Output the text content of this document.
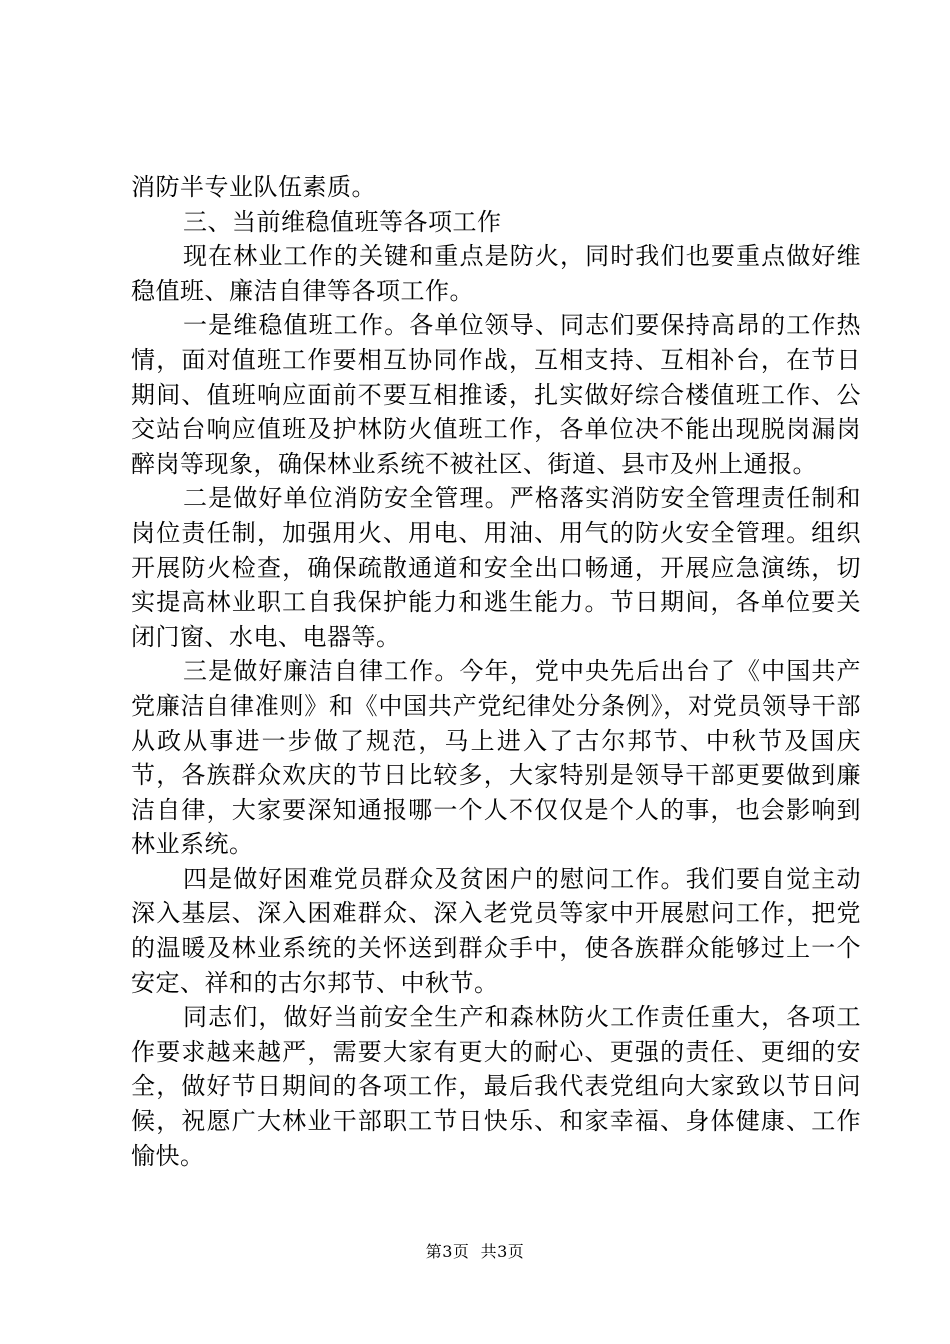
消防半专业队伍素质。

三、当前维稳值班等各项工作

现在林业工作的关键和重点是防火，同时我们也要重点做好维稳值班、廉洁自律等各项工作。

一是维稳值班工作。各单位领导、同志们要保持高昂的工作热情，面对值班工作要相互协同作战，互相支持、互相补台，在节日期间、值班响应面前不要互相推诿，扎实做好综合楼值班工作、公交站台响应值班及护林防火值班工作，各单位决不能出现脱岗漏岗醉岗等现象，确保林业系统不被社区、街道、县市及州上通报。

二是做好单位消防安全管理。严格落实消防安全管理责任制和岗位责任制，加强用火、用电、用油、用气的防火安全管理。组织开展防火检查，确保疏散通道和安全出口畅通，开展应急演练，切实提高林业职工自我保护能力和逃生能力。节日期间，各单位要关闭门窗、水电、电器等。

三是做好廉洁自律工作。今年，党中央先后出台了《中国共产党廉洁自律准则》和《中国共产党纪律处分条例》，对党员领导干部从政从事进一步做了规范，马上进入了古尔邦节、中秋节及国庆节，各族群众欢庆的节日比较多，大家特别是领导干部更要做到廉洁自律，大家要深知通报哪一个人不仅仅是个人的事，也会影响到林业系统。

四是做好困难党员群众及贫困户的慰问工作。我们要自觉主动深入基层、深入困难群众、深入老党员等家中开展慰问工作，把党的温暖及林业系统的关怀送到群众手中，使各族群众能够过上一个安定、祥和的古尔邦节、中秋节。

同志们，做好当前安全生产和森林防火工作责任重大，各项工作要求越来越严，需要大家有更大的耐心、更强的责任、更细的安全，做好节日期间的各项工作，最后我代表党组向大家致以节日问候，祝愿广大林业干部职工节日快乐、和家幸福、身体健康、工作愉快。

第3页 共3页
